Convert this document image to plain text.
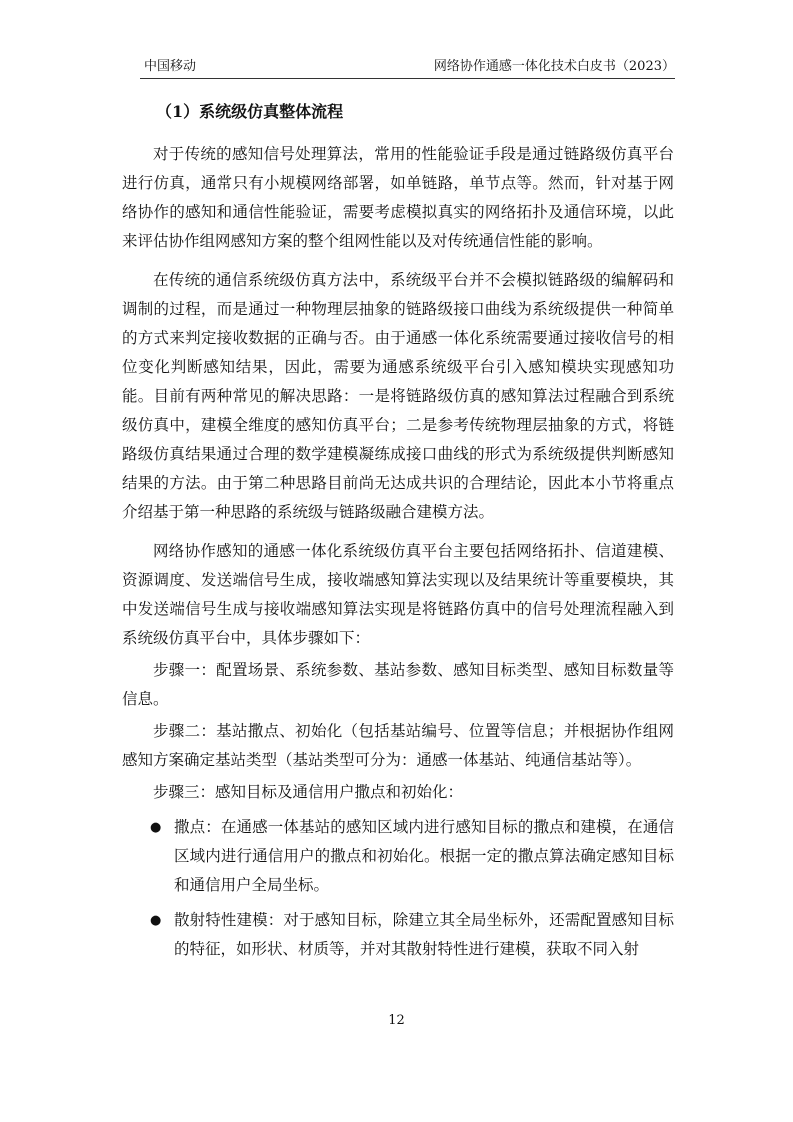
中国移动	网络协作通感一体化技术白皮书（2023）
（1）系统级仿真整体流程

对于传统的感知信号处理算法，常用的性能验证手段是通过链路级仿真平台进行仿真，通常只有小规模网络部署，如单链路，单节点等。然而，针对基于网络协作的感知和通信性能验证，需要考虑模拟真实的网络拓扑及通信环境，以此来评估协作组网感知方案的整个组网性能以及对传统通信性能的影响。

在传统的通信系统级仿真方法中，系统级平台并不会模拟链路级的编解码和调制的过程，而是通过一种物理层抽象的链路级接口曲线为系统级提供一种简单的方式来判定接收数据的正确与否。由于通感一体化系统需要通过接收信号的相位变化判断感知结果，因此，需要为通感系统级平台引入感知模块实现感知功能。目前有两种常见的解决思路：一是将链路级仿真的感知算法过程融合到系统级仿真中，建模全维度的感知仿真平台；二是参考传统物理层抽象的方式，将链路级仿真结果通过合理的数学建模凝练成接口曲线的形式为系统级提供判断感知结果的方法。由于第二种思路目前尚无达成共识的合理结论，因此本小节将重点介绍基于第一种思路的系统级与链路级融合建模方法。

网络协作感知的通感一体化系统级仿真平台主要包括网络拓扑、信道建模、资源调度、发送端信号生成，接收端感知算法实现以及结果统计等重要模块，其中发送端信号生成与接收端感知算法实现是将链路仿真中的信号处理流程融入到系统级仿真平台中，具体步骤如下：

步骤一：配置场景、系统参数、基站参数、感知目标类型、感知目标数量等信息。

步骤二：基站撒点、初始化（包括基站编号、位置等信息；并根据协作组网感知方案确定基站类型（基站类型可分为：通感一体基站、纯通信基站等）。

步骤三：感知目标及通信用户撒点和初始化：

● 撒点：在通感一体基站的感知区域内进行感知目标的撒点和建模，在通信区域内进行通信用户的撒点和初始化。根据一定的撒点算法确定感知目标和通信用户全局坐标。
● 散射特性建模：对于感知目标，除建立其全局坐标外，还需配置感知目标的特征，如形状、材质等，并对其散射特性进行建模，获取不同入射
12
